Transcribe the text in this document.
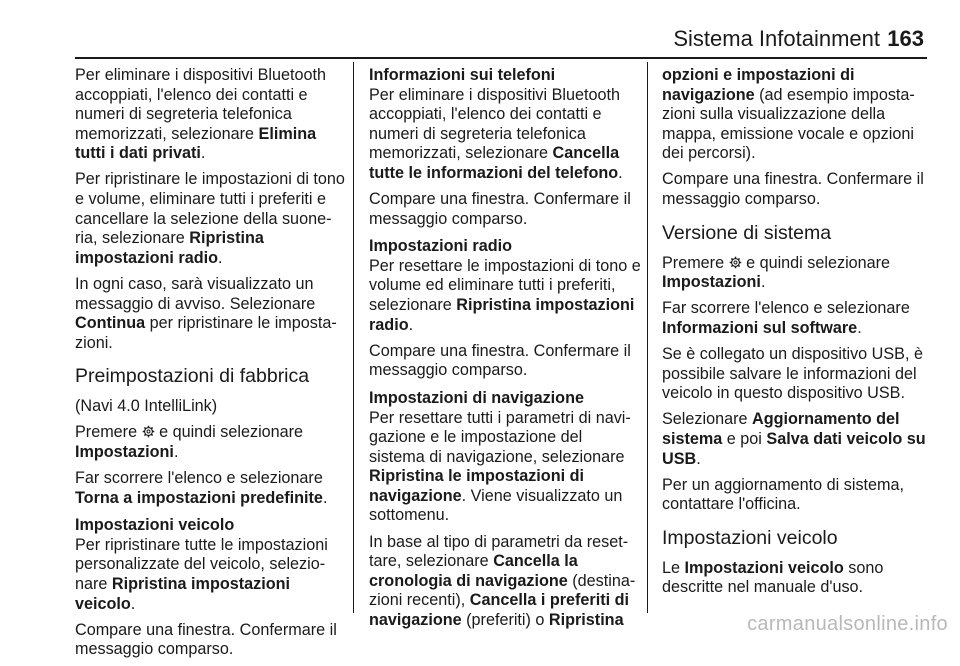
Sistema Infotainment 163

Per eliminare i dispositivi Bluetooth accoppiati, l'elenco dei contatti e numeri di segreteria telefonica memorizzati, selezionare Elimina tutti i dati privati.

Per ripristinare le impostazioni di tono e volume, eliminare tutti i preferiti e cancellare la selezione della suone-ria, selezionare Ripristina impostazioni radio.

In ogni caso, sarà visualizzato un messaggio di avviso. Selezionare Continua per ripristinare le imposta-zioni.

Preimpostazioni di fabbrica

(Navi 4.0 IntelliLink)

Premere  e quindi selezionare Impostazioni.

Far scorrere l'elenco e selezionare Torna a impostazioni predefinite.

Impostazioni veicolo
Per ripristinare tutte le impostazioni personalizzate del veicolo, selezio-nare Ripristina impostazioni veicolo.

Compare una finestra. Confermare il messaggio comparso.

Informazioni sui telefoni
Per eliminare i dispositivi Bluetooth accoppiati, l'elenco dei contatti e numeri di segreteria telefonica memorizzati, selezionare Cancella tutte le informazioni del telefono.

Compare una finestra. Confermare il messaggio comparso.

Impostazioni radio
Per resettare le impostazioni di tono e volume ed eliminare tutti i preferiti, selezionare Ripristina impostazioni radio.

Compare una finestra. Confermare il messaggio comparso.

Impostazioni di navigazione
Per resettare tutti i parametri di navi-gazione e le impostazione del sistema di navigazione, selezionare Ripristina le impostazioni di navigazione. Viene visualizzato un sottomenu.

In base al tipo di parametri da reset-tare, selezionare Cancella la cronologia di navigazione (destina-zioni recenti), Cancella i preferiti di navigazione (preferiti) o Ripristina

opzioni e impostazioni di navigazione (ad esempio imposta-zioni sulla visualizzazione della mappa, emissione vocale e opzioni dei percorsi).

Compare una finestra. Confermare il messaggio comparso.

Versione di sistema

Premere  e quindi selezionare Impostazioni.

Far scorrere l'elenco e selezionare Informazioni sul software.

Se è collegato un dispositivo USB, è possibile salvare le informazioni del veicolo in questo dispositivo USB.

Selezionare Aggiornamento del sistema e poi Salva dati veicolo su USB.

Per un aggiornamento di sistema, contattare l'officina.

Impostazioni veicolo

Le Impostazioni veicolo sono descritte nel manuale d'uso.

carmanualsonline.info
